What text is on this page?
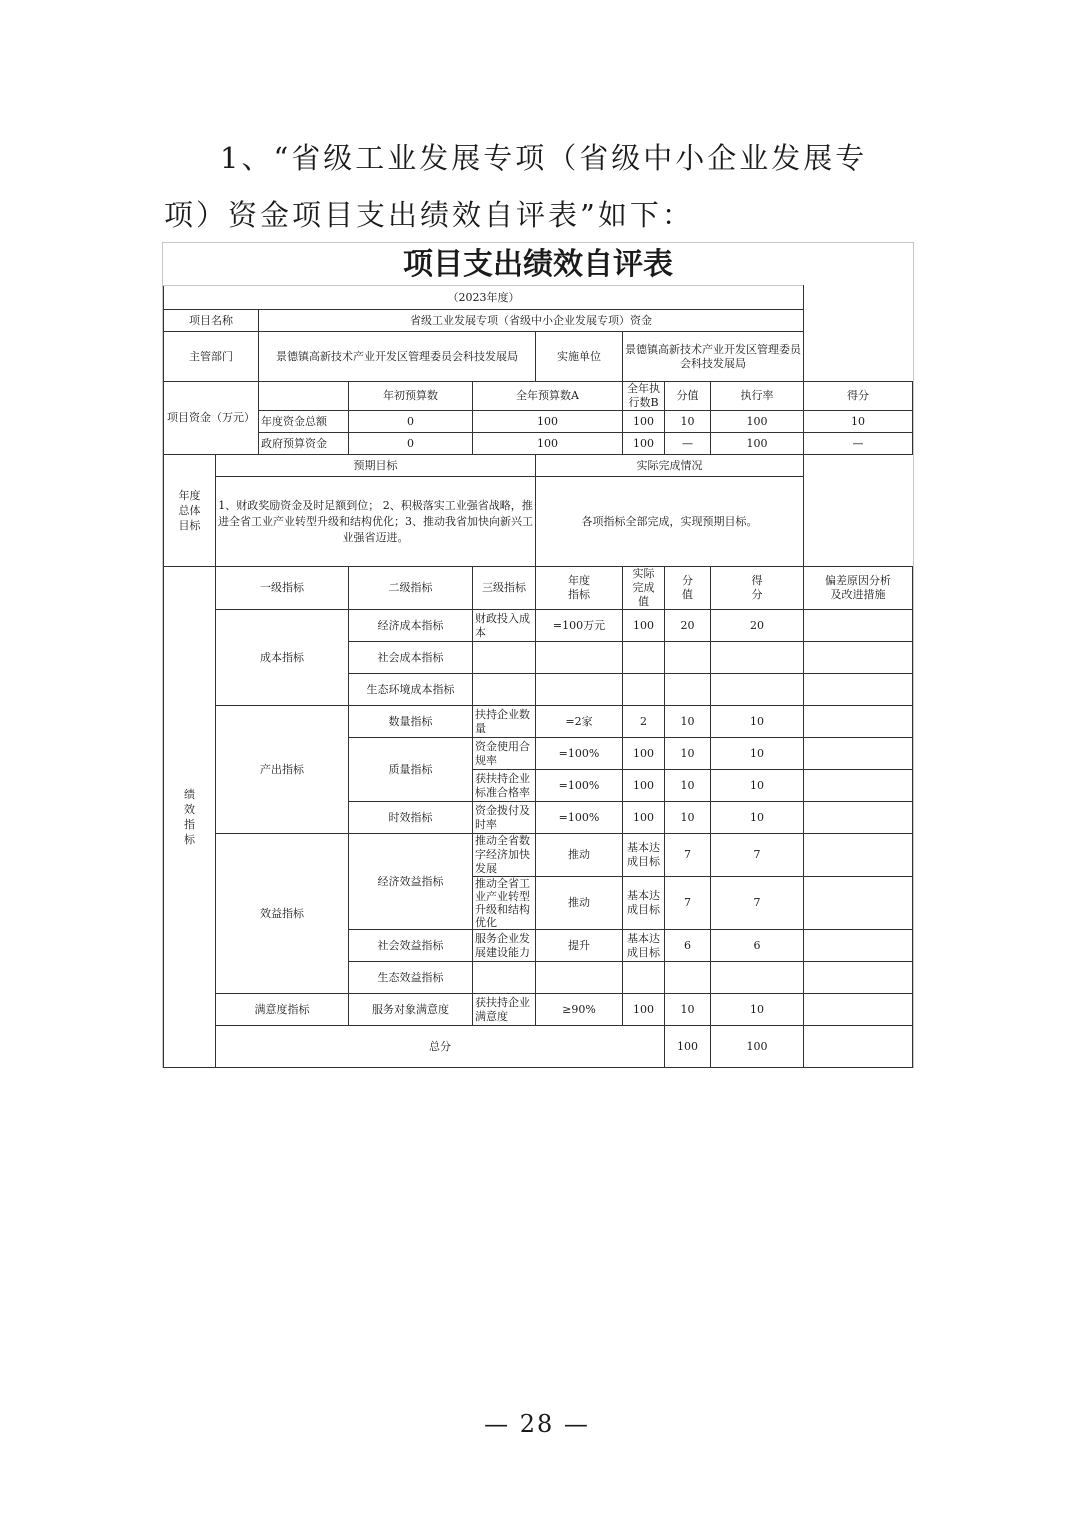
1、“省级工业发展专项（省级中小企业发展专项）资金项目支出绩效自评表”如下：

项目支出绩效自评表
（2023年度）									
项目名称		省级工业发展专项（省级中小企业发展专项）资金							
主管部门		景德镇高新技术产业开发区管理委员会科技发展局			实施单位	景德镇高新技术产业开发区管理委员会科技发展局			
项目资金（万元）			年初预算数	全年预算数A		全年执行数B	分值	执行率	得分
		年度资金总额	0	100		100	10	100	10
		政府预算资金	0	100		100	—	100	—

年度总体目标	预期目标				实际完成情况				
	1、财政奖励资金及时足额到位； 2、积极落实工业强省战略，推进全省工业产业转型升级和结构优化；3、推动我省加快向新兴工业强省迈进。				各项指标全部完成，实现预期目标。				

绩效指标	一级指标		二级指标	三级指标	年度指标	实际完成值	分值	得分	偏差原因分析及改进措施

	成本指标		经济成本指标	财政投入成本	=100万元	100	20	20	
			社会成本指标						
			生态环境成本指标						
	产出指标		数量指标	扶持企业数量	=2家	2	10	10	
			质量指标	资金使用合规率	=100%	100	10	10	
				获扶持企业标准合格率	=100%	100	10	10	
			时效指标	资金拨付及时率	=100%	100	10	10	
	效益指标		经济效益指标	推动全省数字经济加快发展	推动	基本达成目标	7	7	
				推动全省工业产业转型升级和结构优化	推动	基本达成目标	7	7	
			社会效益指标	服务企业发展建设能力	提升	基本达成目标	6	6	
			生态效益指标						
	满意度指标		服务对象满意度	获扶持企业满意度	≥90%	100	10	10	
	总分						100	100	
— 28 —
